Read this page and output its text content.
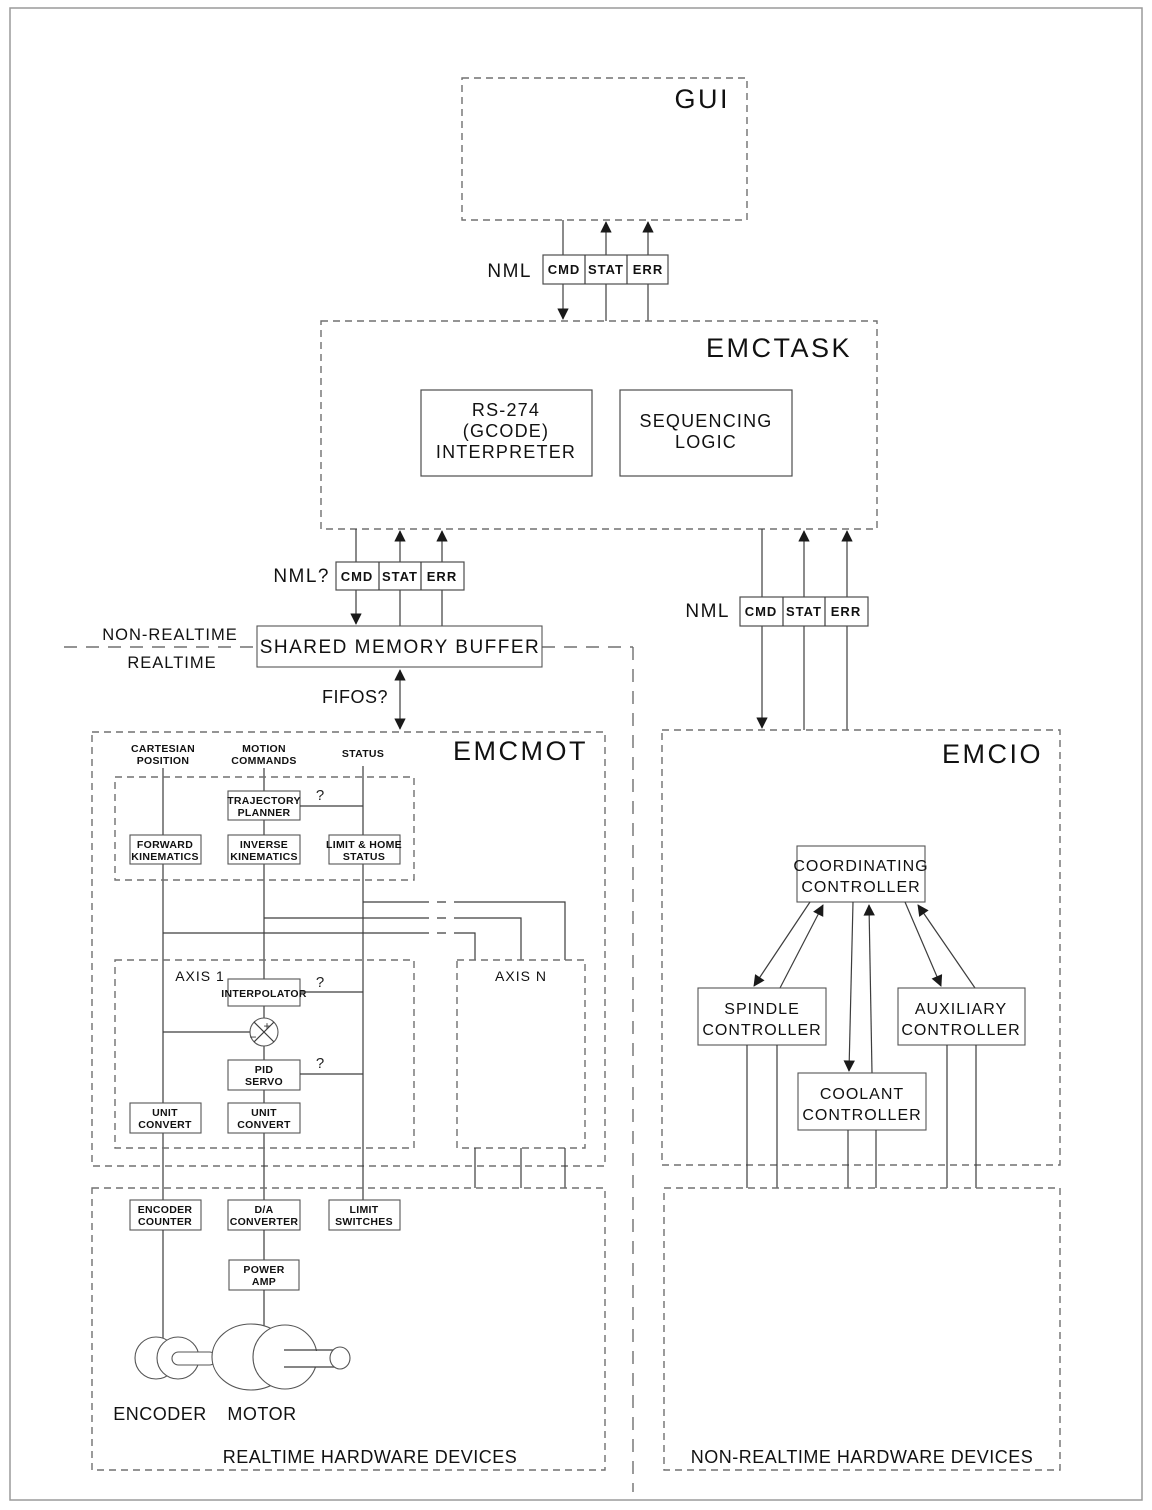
GUI
NML CMD STAT ERR
EMCTASK
RS-274
(GCODE)
INTERPRETER
SEQUENCING
LOGIC
NML? CMD STAT ERR
NML CMD STAT ERR
NON-REALTIME
REALTIME
SHARED MEMORY BUFFER
FIFOS?
EMCMOT
CARTESIAN
POSITION
MOTION
COMMANDS
STATUS
TRAJECTORY
PLANNER
?
FORWARD
KINEMATICS
INVERSE
KINEMATICS
LIMIT & HOME
STATUS
AXIS 1
INTERPOLATOR
?
+
−
PID
SERVO
?
UNIT
CONVERT
UNIT
CONVERT
AXIS N
EMCIO
COORDINATING
CONTROLLER
SPINDLE
CONTROLLER
AUXILIARY
CONTROLLER
COOLANT
CONTROLLER
ENCODER
COUNTER
D/A
CONVERTER
LIMIT
SWITCHES
POWER
AMP
ENCODER MOTOR
REALTIME HARDWARE DEVICES	NON-REALTIME HARDWARE DEVICES
